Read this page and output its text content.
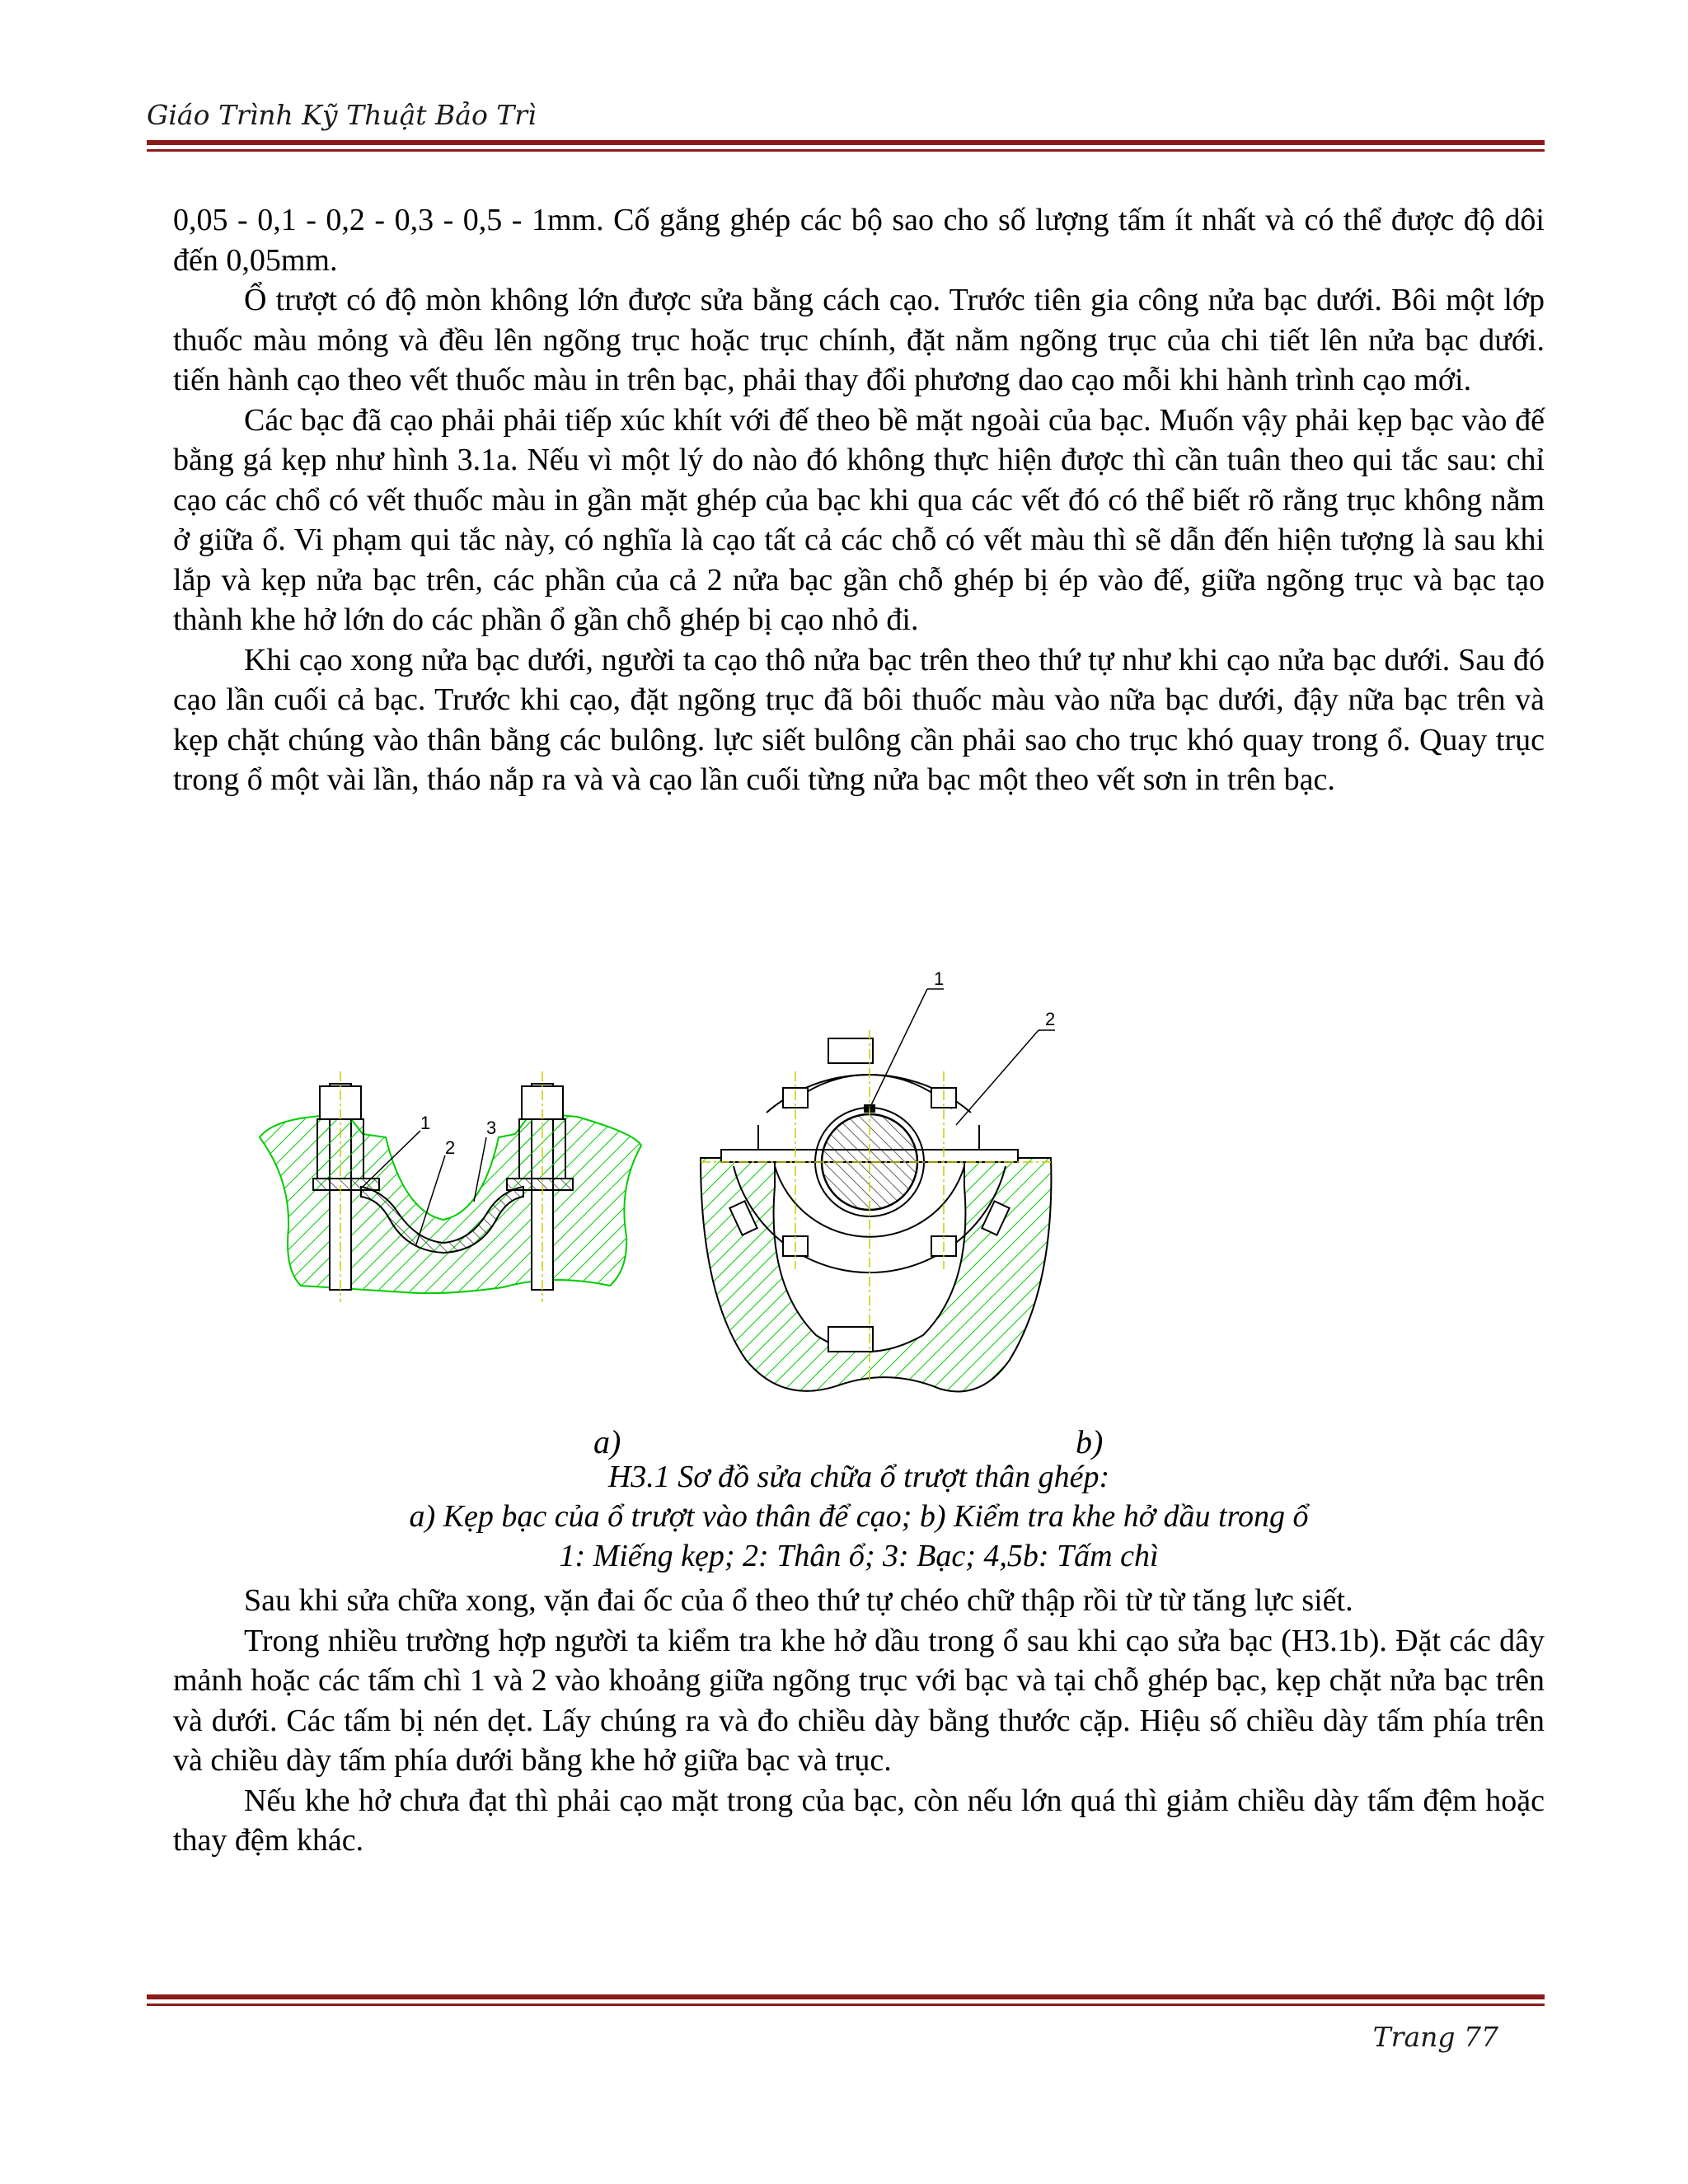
Giáo Trình Kỹ Thuật Bảo Trì

0,05 - 0,1 - 0,2 - 0,3 - 0,5 - 1mm. Cố gắng ghép các bộ sao cho số lượng tấm ít nhất và có thể được độ dôi đến 0,05mm.

Ổ trượt có độ mòn không lớn được sửa bằng cách cạo. Trước tiên gia công nửa bạc dưới. Bôi một lớp thuốc màu mỏng và đều lên ngõng trục hoặc trục chính, đặt nằm ngõng trục của chi tiết lên nửa bạc dưới. tiến hành cạo theo vết thuốc màu in trên bạc, phải thay đổi phương dao cạo mỗi khi hành trình cạo mới.

Các bạc đã cạo phải phải tiếp xúc khít với đế theo bề mặt ngoài của bạc. Muốn vậy phải kẹp bạc vào đế bằng gá kẹp như hình 3.1a. Nếu vì một lý do nào đó không thực hiện được thì cần tuân theo qui tắc sau: chỉ cạo các chổ có vết thuốc màu in gần mặt ghép của bạc khi qua các vết đó có thể biết rõ rằng trục không nằm ở giữa ổ. Vi phạm qui tắc này, có nghĩa là cạo tất cả các chỗ có vết màu thì sẽ dẫn đến hiện tượng là sau khi lắp và kẹp nửa bạc trên, các phần của cả 2 nửa bạc gần chỗ ghép bị ép vào đế, giữa ngõng trục và bạc tạo thành khe hở lớn do các phần ổ gần chỗ ghép bị cạo nhỏ đi.

Khi cạo xong nửa bạc dưới, người ta cạo thô nửa bạc trên theo thứ tự như khi cạo nửa bạc dưới. Sau đó cạo lần cuối cả bạc. Trước khi cạo, đặt ngõng trục đã bôi thuốc màu vào nữa bạc dưới, đậy nữa bạc trên và kẹp chặt chúng vào thân bằng các bulông. lực siết bulông cần phải sao cho trục khó quay trong ổ. Quay trục trong ổ một vài lần, tháo nắp ra và và cạo lần cuối từng nửa bạc một theo vết sơn in trên bạc.

1
2
3
1
2
a)	b)
H3.1 Sơ đồ sửa chữa ổ trượt thân ghép:
a) Kẹp bạc của ổ trượt vào thân để cạo; b) Kiểm tra khe hở dầu trong ổ
1: Miếng kẹp; 2: Thân ổ; 3: Bạc; 4,5b: Tấm chì

Sau khi sửa chữa xong, vặn đai ốc của ổ theo thứ tự chéo chữ thập rồi từ từ tăng lực siết.

Trong nhiều trường hợp người ta kiểm tra khe hở dầu trong ổ sau khi cạo sửa bạc (H3.1b). Đặt các dây mảnh hoặc các tấm chì 1 và 2 vào khoảng giữa ngõng trục với bạc và tại chỗ ghép bạc, kẹp chặt nửa bạc trên và dưới. Các tấm bị nén dẹt. Lấy chúng ra và đo chiều dày bằng thước cặp. Hiệu số chiều dày tấm phía trên và chiều dày tấm phía dưới bằng khe hở giữa bạc và trục.

Nếu khe hở chưa đạt thì phải cạo mặt trong của bạc, còn nếu lớn quá thì giảm chiều dày tấm đệm hoặc thay đệm khác.

Trang 77
